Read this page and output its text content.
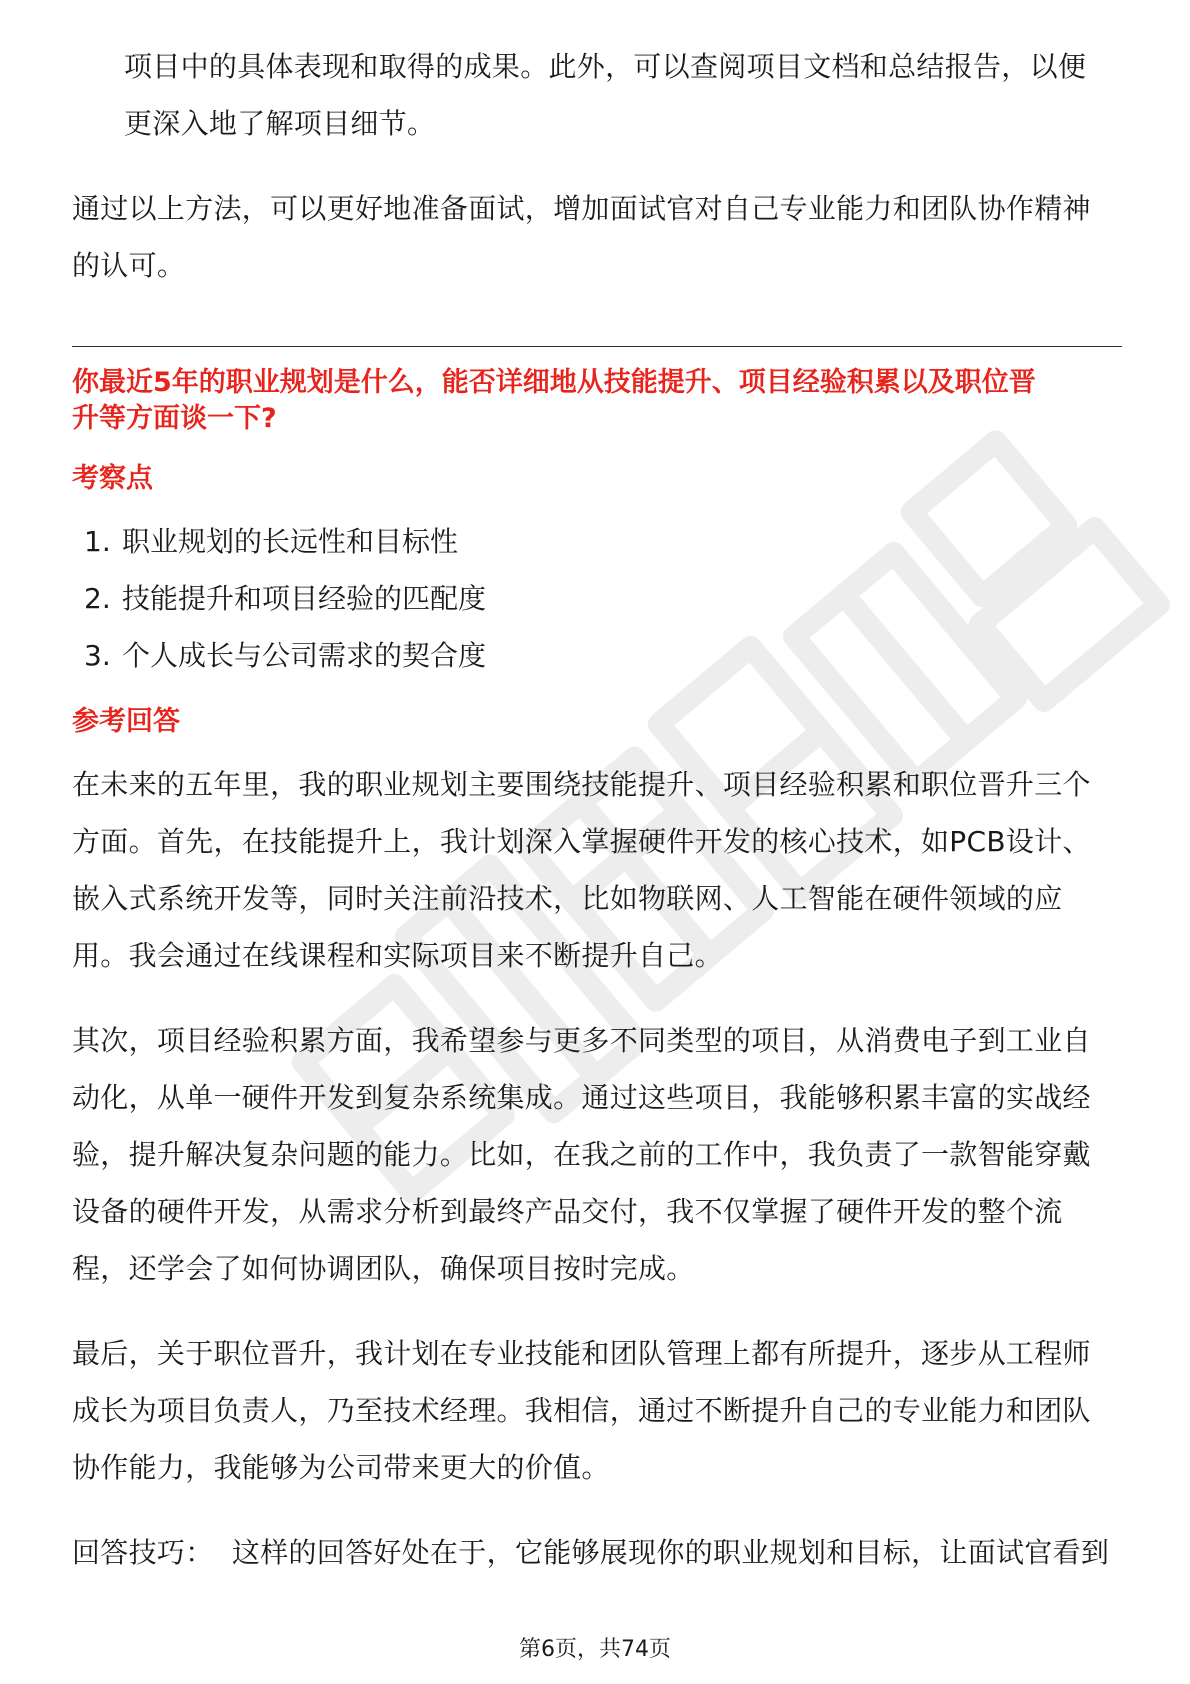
项目中的具体表现和取得的成果。此外，可以查阅项目文档和总结报告，以便

更深入地了解项目细节。

通过以上方法，可以更好地准备面试，增加面试官对自己专业能力和团队协作精神

的认可。

你最近5年的职业规划是什么，能否详细地从技能提升、项目经验积累以及职位晋
升等方面谈一下?
考察点
1. 职业规划的长远性和目标性
2. 技能提升和项目经验的匹配度
3. 个人成长与公司需求的契合度
参考回答

在未来的五年里，我的职业规划主要围绕技能提升、项目经验积累和职位晋升三个

方面。首先，在技能提升上，我计划深入掌握硬件开发的核心技术，如PCB设计、

嵌入式系统开发等，同时关注前沿技术，比如物联网、人工智能在硬件领域的应

用。我会通过在线课程和实际项目来不断提升自己。

其次，项目经验积累方面，我希望参与更多不同类型的项目，从消费电子到工业自

动化，从单一硬件开发到复杂系统集成。通过这些项目，我能够积累丰富的实战经

验，提升解决复杂问题的能力。比如，在我之前的工作中，我负责了一款智能穿戴

设备的硬件开发，从需求分析到最终产品交付，我不仅掌握了硬件开发的整个流

程，还学会了如何协调团队，确保项目按时完成。

最后，关于职位晋升，我计划在专业技能和团队管理上都有所提升，逐步从工程师

成长为项目负责人，乃至技术经理。我相信，通过不断提升自己的专业能力和团队

协作能力，我能够为公司带来更大的价值。

回答技巧：  这样的回答好处在于，它能够展现你的职业规划和目标，让面试官看到

第6页，共74页
